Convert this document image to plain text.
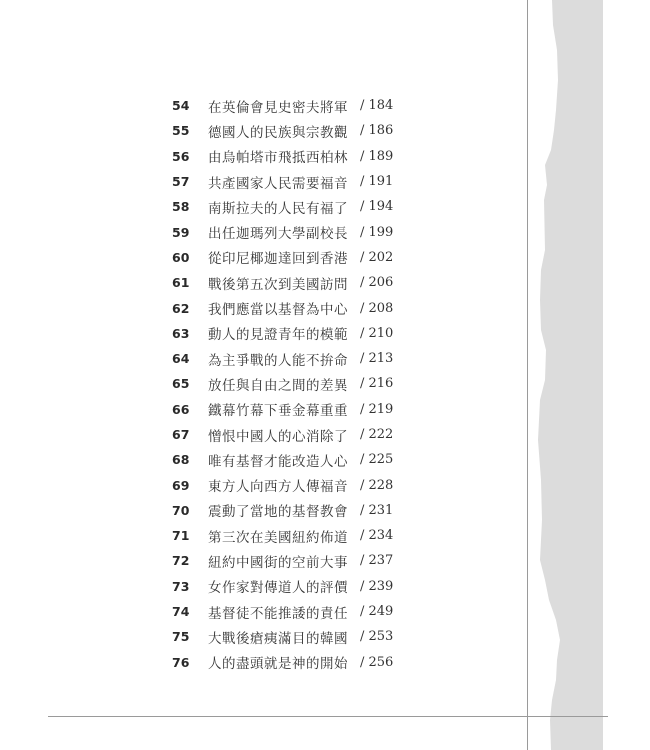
54	在英倫會見史密夫將軍 / 184
55	德國人的民族與宗教觀 / 186
56	由烏帕塔市飛抵西柏林 / 189
57	共產國家人民需要福音 / 191
58	南斯拉夫的人民有福了 / 194
59	出任迦瑪列大學副校長 / 199
60	從印尼椰迦達回到香港 / 202
61	戰後第五次到美國訪問 / 206
62	我們應當以基督為中心 / 208
63	動人的見證青年的模範 / 210
64	為主爭戰的人能不拚命 / 213
65	放任與自由之間的差異 / 216
66	鐵幕竹幕下垂金幕重重 / 219
67	憎恨中國人的心消除了 / 222
68	唯有基督才能改造人心 / 225
69	東方人向西方人傳福音 / 228
70	震動了當地的基督教會 / 231
71	第三次在美國紐約佈道 / 234
72	紐約中國街的空前大事 / 237
73	女作家對傳道人的評價 / 239
74	基督徒不能推諉的責任 / 249
75	大戰後瘡痍滿目的韓國 / 253
76	人的盡頭就是神的開始 / 256
